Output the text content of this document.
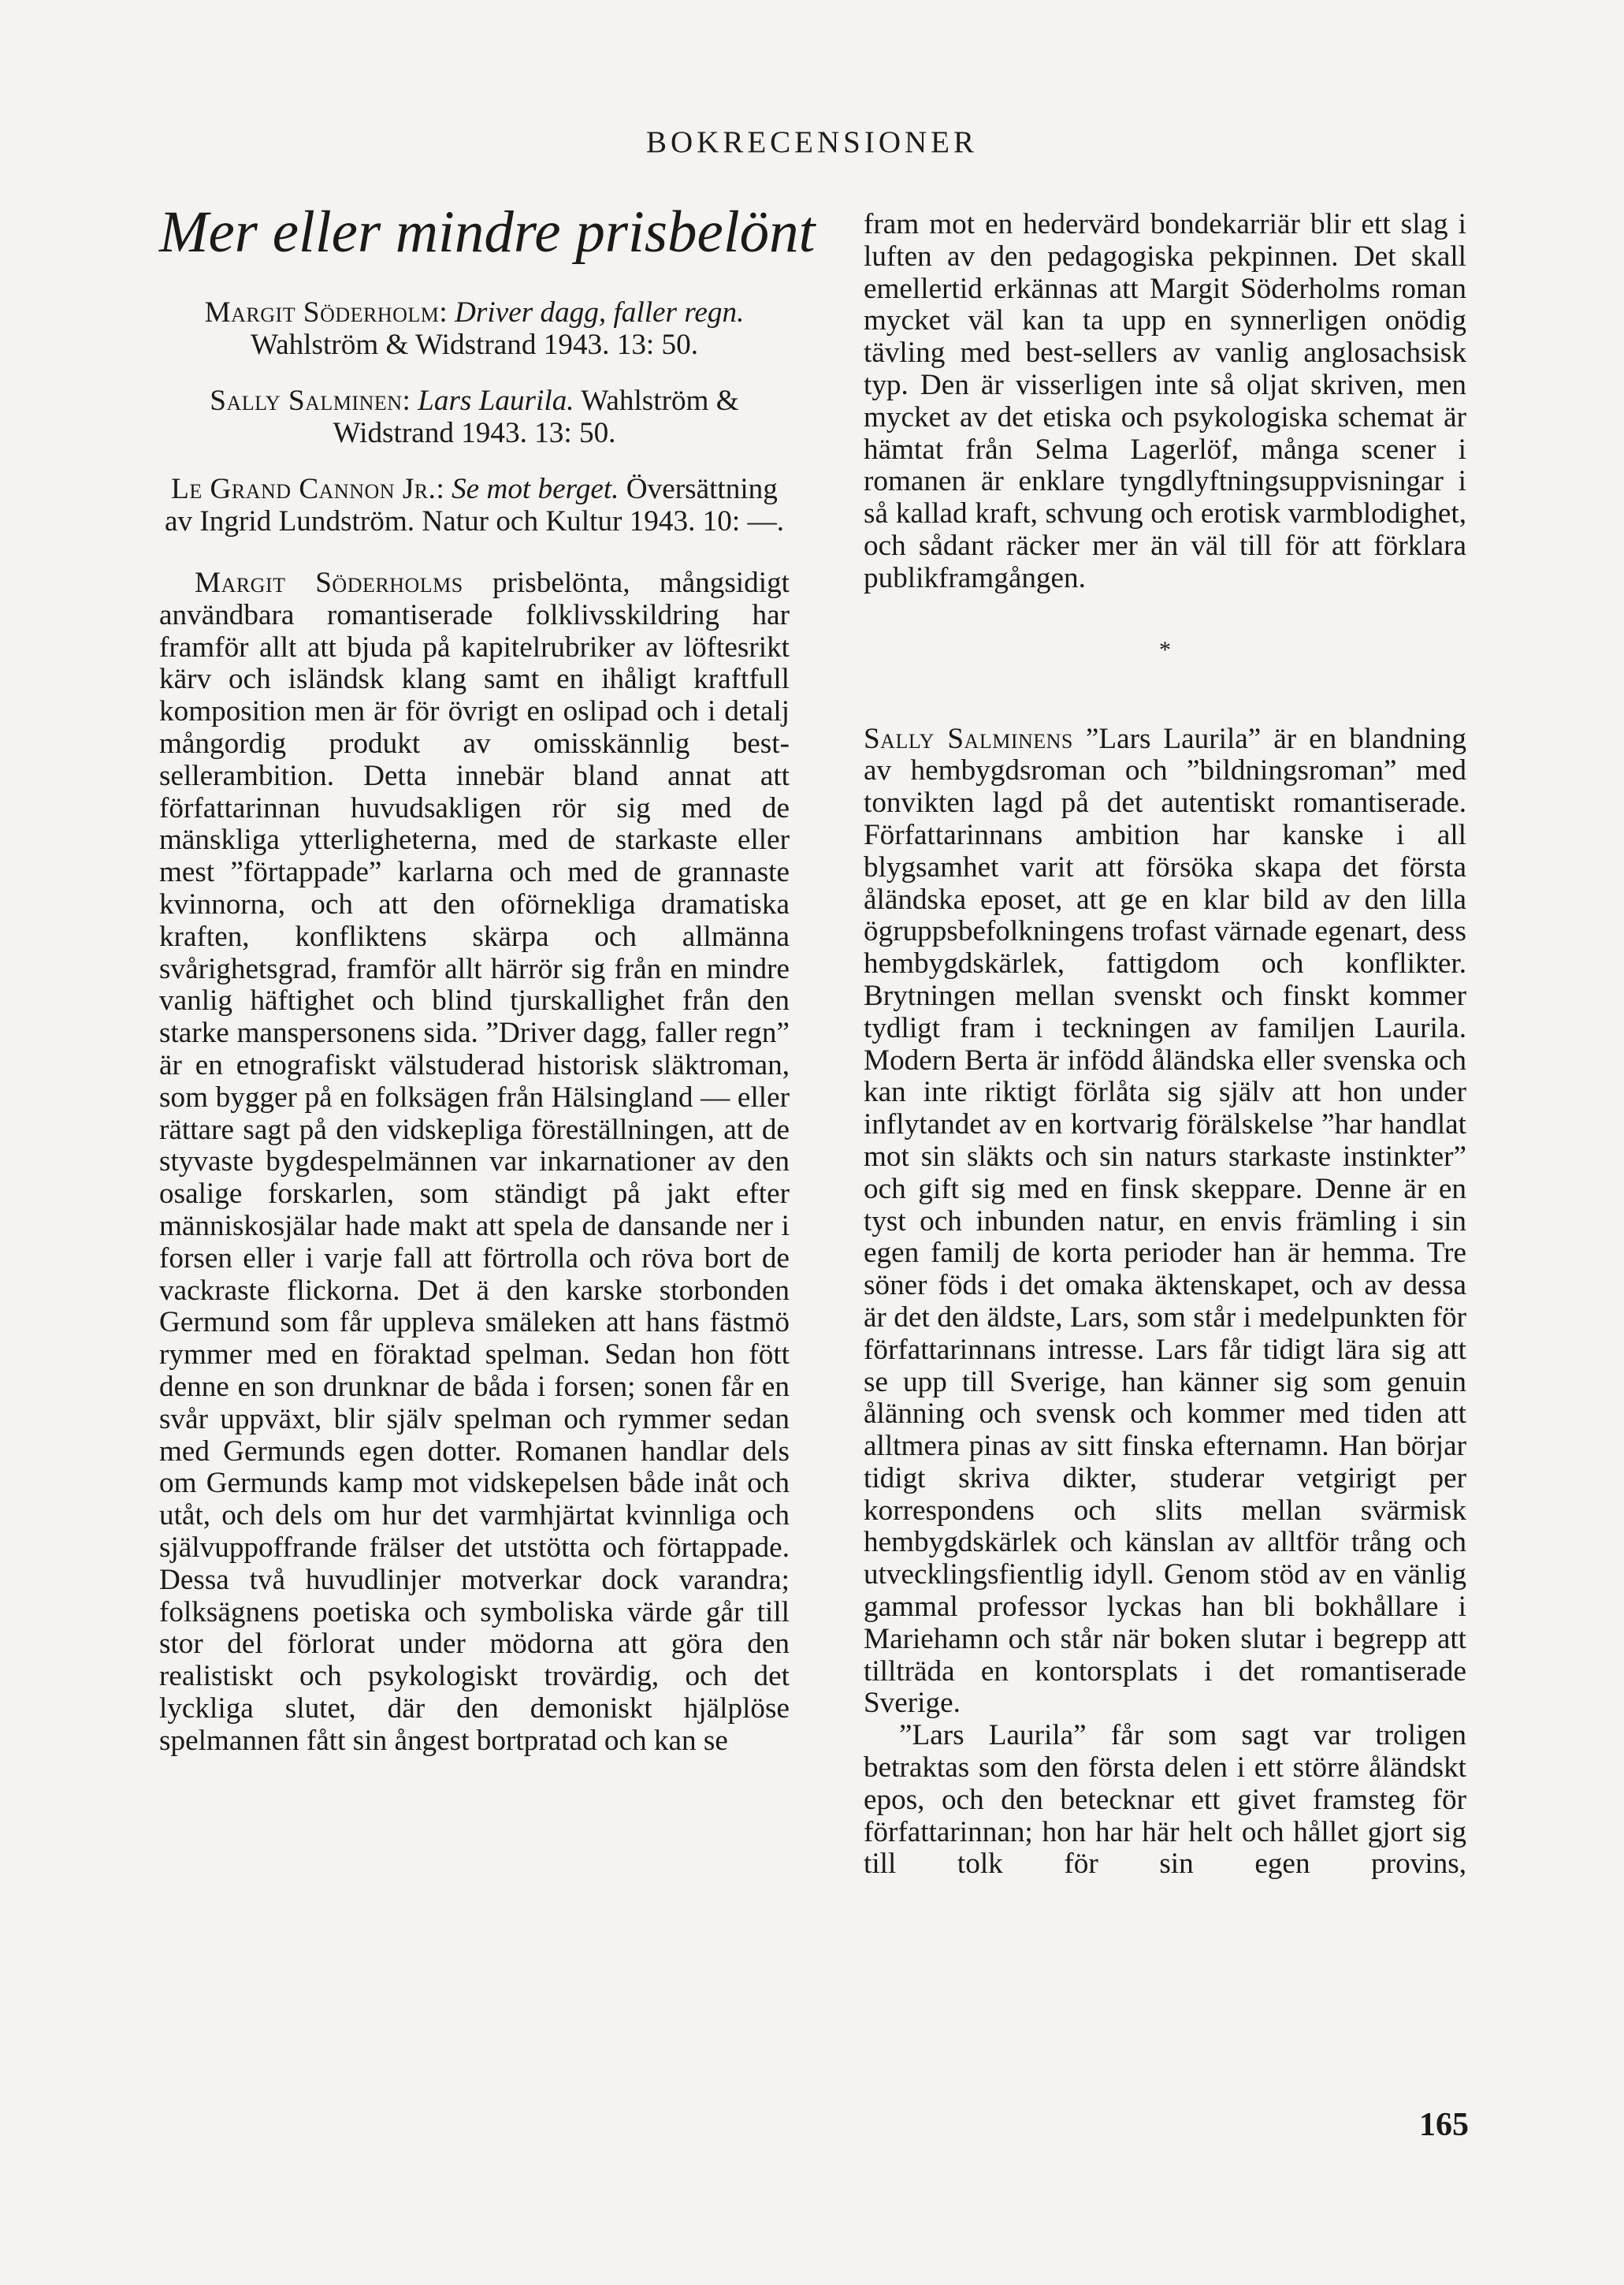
BOKRECENSIONER
Mer eller mindre prisbelönt

Margit Söderholm: Driver dagg, faller regn. Wahlström & Widstrand 1943. 13: 50.

Sally Salminen: Lars Laurila. Wahlström & Widstrand 1943. 13: 50.

Le Grand Cannon Jr.: Se mot berget. Översättning av Ingrid Lundström. Natur och Kultur 1943. 10: —.

Margit Söderholms prisbelönta, mångsidigt användbara romantiserade folklivsskildring har framför allt att bjuda på kapitelrubriker av löftesrikt kärv och isländsk klang samt en ihåligt kraftfull komposition men är för övrigt en oslipad och i detalj mångordig produkt av omisskännlig best-sellerambition. Detta innebär bland annat att författarinnan huvudsakligen rör sig med de mänskliga ytterligheterna, med de starkaste eller mest ”förtappade” karlarna och med de grannaste kvinnorna, och att den oförnekliga dramatiska kraften, konfliktens skärpa och allmänna svårighetsgrad, framför allt härrör sig från en mindre vanlig häftighet och blind tjurskallighet från den starke manspersonens sida. ”Driver dagg, faller regn” är en etnografiskt välstuderad historisk släktroman, som bygger på en folksägen från Hälsingland — eller rättare sagt på den vidskepliga föreställningen, att de styvaste bygdespelmännen var inkarnationer av den osalige forskarlen, som ständigt på jakt efter människosjälar hade makt att spela de dansande ner i forsen eller i varje fall att förtrolla och röva bort de vackraste flickorna. Det ä den karske storbonden Germund som får uppleva smäleken att hans fästmö rymmer med en föraktad spelman. Sedan hon fött denne en son drunknar de båda i forsen; sonen får en svår uppväxt, blir själv spelman och rymmer sedan med Germunds egen dotter. Romanen handlar dels om Germunds kamp mot vidskepelsen både inåt och utåt, och dels om hur det varmhjärtat kvinnliga och självuppoffrande frälser det utstötta och förtappade. Dessa två huvudlinjer motverkar dock varandra; folksägnens poetiska och symboliska värde går till stor del förlorat under mödorna att göra den realistiskt och psykologiskt trovärdig, och det lyckliga slutet, där den demoniskt hjälplöse spelmannen fått sin ångest bortpratad och kan se

fram mot en hedervärd bondekarriär blir ett slag i luften av den pedagogiska pekpinnen. Det skall emellertid erkännas att Margit Söderholms roman mycket väl kan ta upp en synnerligen onödig tävling med best-sellers av vanlig anglosachsisk typ. Den är visserligen inte så oljat skriven, men mycket av det etiska och psykologiska schemat är hämtat från Selma Lagerlöf, många scener i romanen är enklare tyngdlyftningsuppvisningar i så kallad kraft, schvung och erotisk varmblodighet, och sådant räcker mer än väl till för att förklara publikframgången.

*

Sally Salminens ”Lars Laurila” är en blandning av hembygdsroman och ”bildningsroman” med tonvikten lagd på det autentiskt romantiserade. Författarinnans ambition har kanske i all blygsamhet varit att försöka skapa det första åländska eposet, att ge en klar bild av den lilla ögruppsbefolkningens trofast värnade egenart, dess hembygdskärlek, fattigdom och konflikter. Brytningen mellan svenskt och finskt kommer tydligt fram i teckningen av familjen Laurila. Modern Berta är infödd åländska eller svenska och kan inte riktigt förlåta sig själv att hon under inflytandet av en kortvarig förälskelse ”har handlat mot sin släkts och sin naturs starkaste instinkter” och gift sig med en finsk skeppare. Denne är en tyst och inbunden natur, en envis främling i sin egen familj de korta perioder han är hemma. Tre söner föds i det omaka äktenskapet, och av dessa är det den äldste, Lars, som står i medelpunkten för författarinnans intresse. Lars får tidigt lära sig att se upp till Sverige, han känner sig som genuin ålänning och svensk och kommer med tiden att alltmera pinas av sitt finska efternamn. Han börjar tidigt skriva dikter, studerar vetgirigt per korrespondens och slits mellan svärmisk hembygdskärlek och känslan av alltför trång och utvecklingsfientlig idyll. Genom stöd av en vänlig gammal professor lyckas han bli bokhållare i Mariehamn och står när boken slutar i begrepp att tillträda en kontorsplats i det romantiserade Sverige.

”Lars Laurila” får som sagt var troligen betraktas som den första delen i ett större åländskt epos, och den betecknar ett givet framsteg för författarinnan; hon har här helt och hållet gjort sig till tolk för sin egen provins,

165
